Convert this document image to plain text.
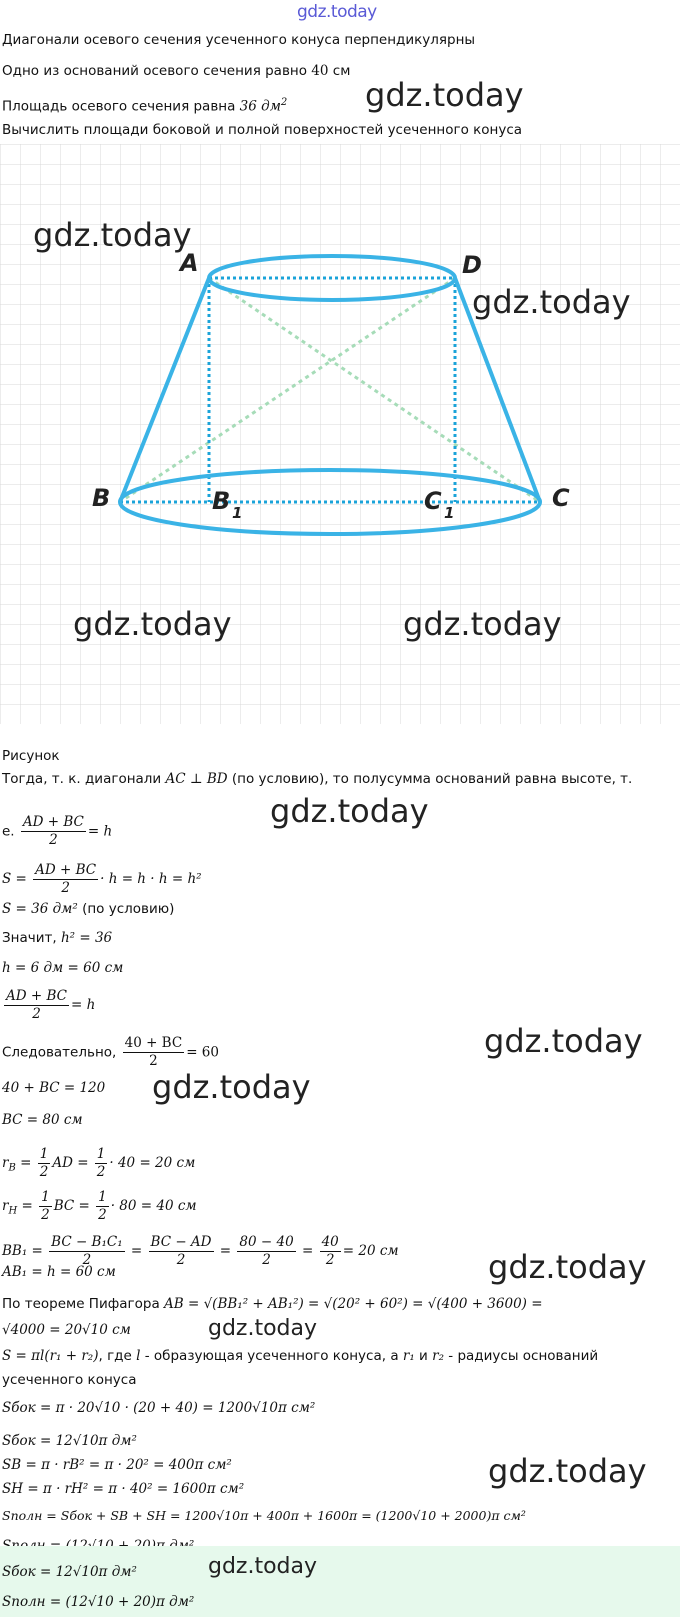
gdz.today
Диагонали осевого сечения усеченного конуса перпендикулярны
Одно из оснований осевого сечения равно 40 см
Площадь осевого сечения равна 36 $дм^2$
Вычислить площади боковой и полной поверхностей усеченного конуса
gdz.today
A	D
B	B 1	C 1
C
gdz.today
gdz.today
gdz.today	gdz.today
Рисунок
Тогда, т. к. диагонали AC ⊥ BD (по условию), то полусумма оснований равна высоте, т.
е. $\frac{AD + BC}{2} = h$
gdz.today
$S = \frac{AD + BC}{2} \cdot h = h \cdot h = h^2$
S = 36 дм² (по условию)
Значит, h² = 36
h = 6 дм = 60 см
$\frac{AD + BC}{2} = h$
Следовательно, $\frac{40 + BC}{2} = 60$	gdz.today
40 + BC = 120 gdz.today
BC = 80 см
$r_B = \frac{1}{2}$ AD = $\frac{1}{2} \cdot 40 = 20$ см
$r_H = \frac{1}{2}$ BC = $\frac{1}{2} \cdot 80 = 40$ см
$BB_1 = \frac{\text{BC − B₁C₁}}{2} = \frac{BC - AD}{2} = \frac{80 - 40}{2} = \frac{40}{2} = 20$ см
AB₁ = h = 60 см	gdz.today
По теореме Пифагора AB = √(BB₁² + AB₁²) = √(20² + 60²) = √(400 + 3600) =
√4000 = 20√10 см	gdz.today
S = πl(r₁ + r₂), где l - образующая усеченного конуса, а r₁ и r₂ - радиусы оснований
усеченного конуса
Sбок = π · 20√10 · (20 + 40) = 1200√10π см²
Sбок = 12√10π дм²
SB = π · rB² = π · 20² = 400π см²
SH = π · rH² = π · 40² = 1600π см²
Sполн = Sбок + SB + SH = 1200√10π + 400π + 1600π = (1200√10 + 2000)π см²
gdz.today
Sбок = 12√10π дм²
Sполн = (12√10 + 20)π дм²
gdz.today
